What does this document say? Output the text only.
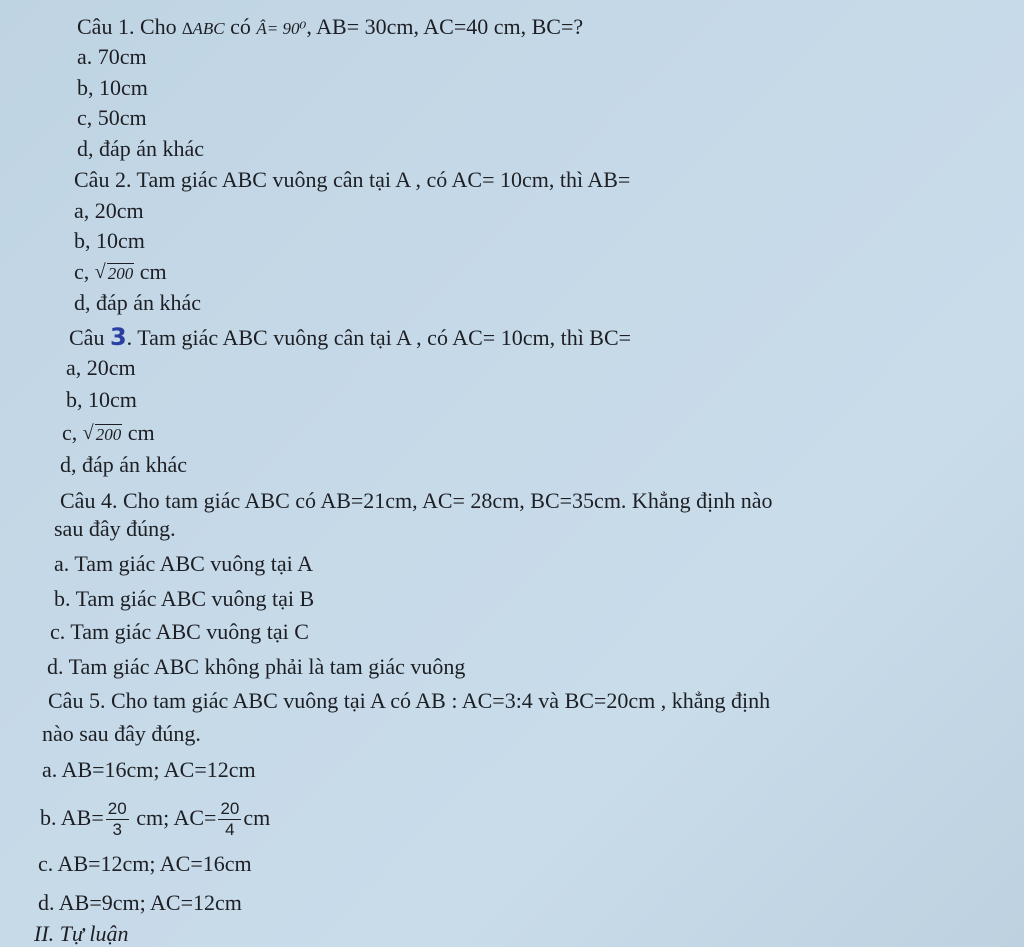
Câu 1. Cho ∆ABC có Â= 90⁰, AB= 30cm, AC=40 cm, BC=?
a. 70cm
b, 10cm
c, 50cm
d, đáp án khác
Câu 2. Tam giác ABC vuông cân tại A , có AC= 10cm, thì AB=
a, 20cm
b, 10cm
c, √ 200 cm
d, đáp án khác
Câu 3. Tam giác ABC vuông cân tại A , có AC= 10cm, thì BC=
a, 20cm
b, 10cm
c, √ 200 cm
d, đáp án khác
Câu 4. Cho tam giác ABC có AB=21cm, AC= 28cm, BC=35cm. Khẳng định nào
sau đây đúng.
a. Tam giác ABC vuông tại A
b. Tam giác ABC vuông tại B
c. Tam giác ABC vuông tại C
d. Tam giác ABC không phải là tam giác vuông
Câu 5. Cho tam giác ABC vuông tại A có AB : AC=3:4 và BC=20cm , khẳng định
nào sau đây đúng.
a. AB=16cm; AC=12cm
b. $AB= \frac{20}{3}$ cm; $AC= \frac{20}{4}$ cm
c. AB=12cm; AC=16cm
d. AB=9cm; AC=12cm
II. Tự luận
